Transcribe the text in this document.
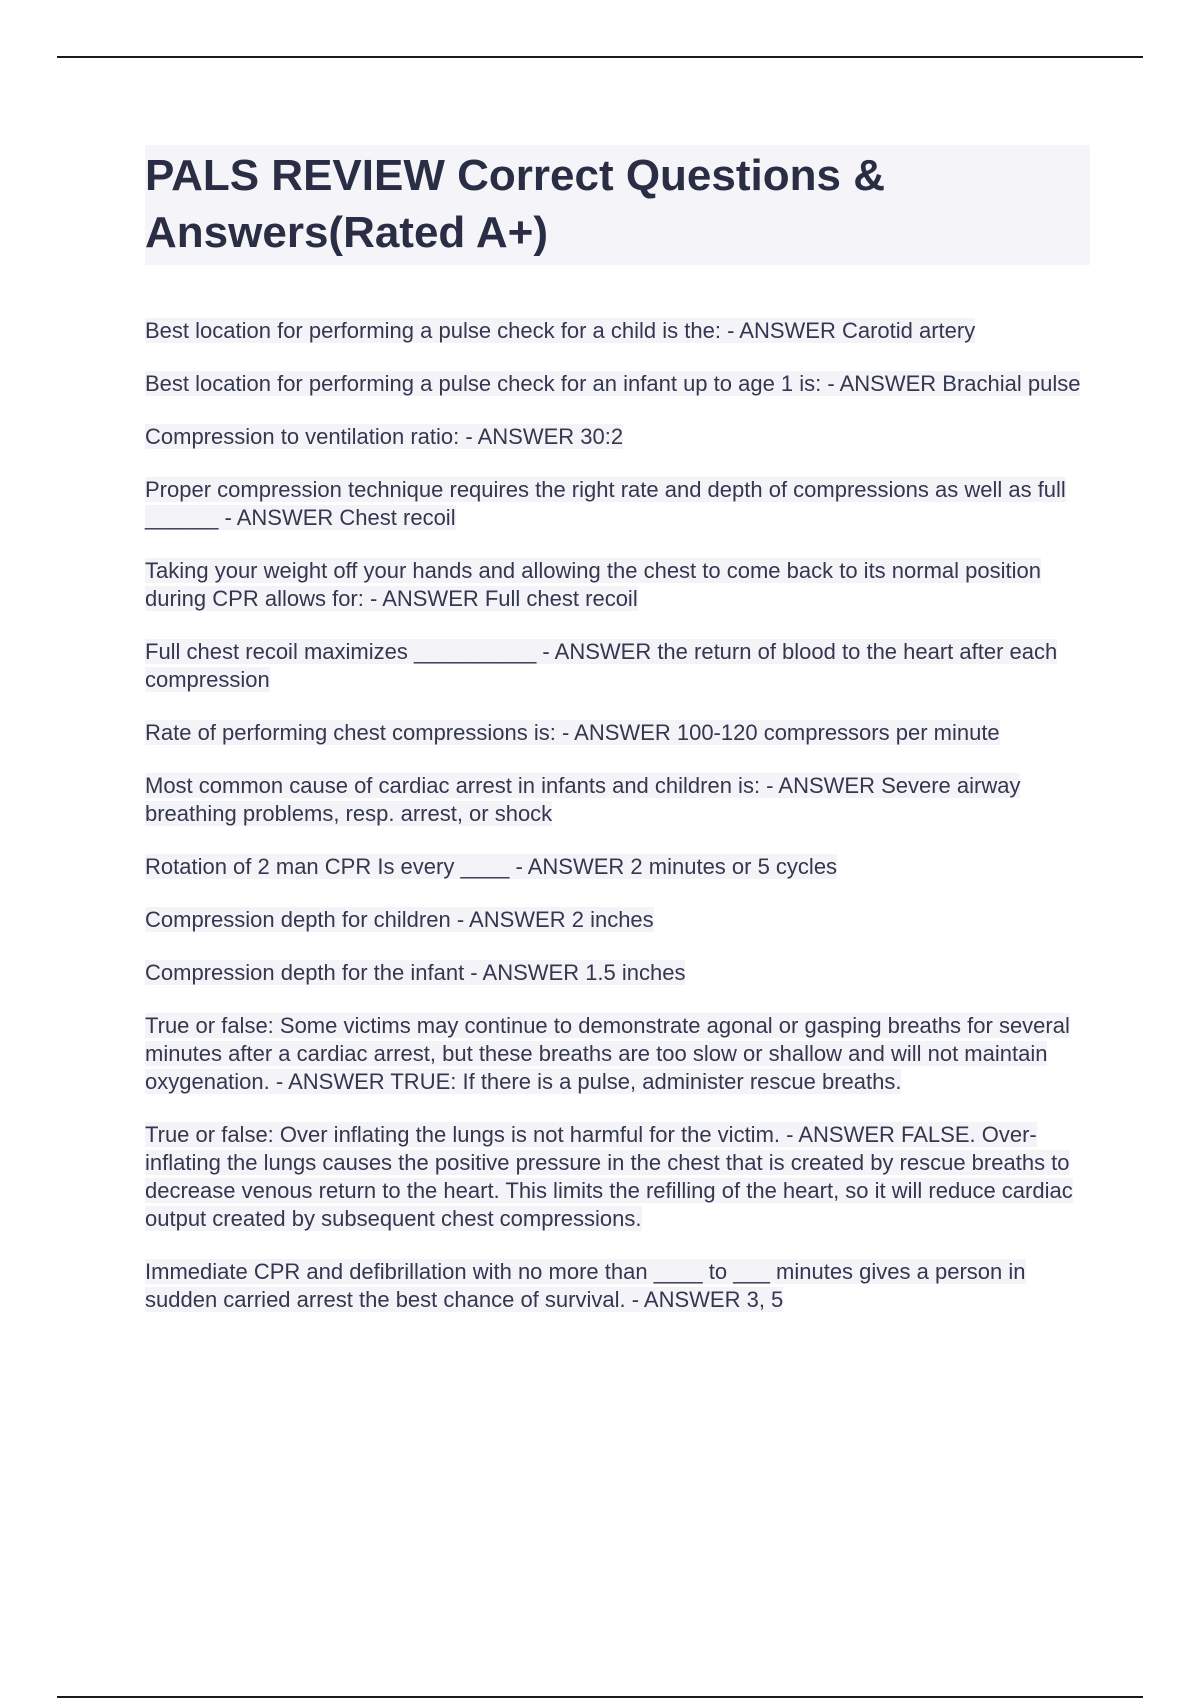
PALS REVIEW Correct Questions & Answers(Rated A+)

Best location for performing a pulse check for a child is the: - ANSWER Carotid artery

Best location for performing a pulse check for an infant up to age 1 is: - ANSWER Brachial pulse

Compression to ventilation ratio: - ANSWER 30:2

Proper compression technique requires the right rate and depth of compressions as well as full ______ - ANSWER Chest recoil

Taking your weight off your hands and allowing the chest to come back to its normal position during CPR allows for: - ANSWER Full chest recoil

Full chest recoil maximizes __________ - ANSWER the return of blood to the heart after each compression

Rate of performing chest compressions is: - ANSWER 100-120 compressors per minute

Most common cause of cardiac arrest in infants and children is: - ANSWER Severe airway breathing problems, resp. arrest, or shock

Rotation of 2 man CPR Is every ____ - ANSWER 2 minutes or 5 cycles

Compression depth for children - ANSWER 2 inches

Compression depth for the infant - ANSWER 1.5 inches

True or false: Some victims may continue to demonstrate agonal or gasping breaths for several minutes after a cardiac arrest, but these breaths are too slow or shallow and will not maintain oxygenation. - ANSWER TRUE: If there is a pulse, administer rescue breaths.

True or false: Over inflating the lungs is not harmful for the victim. - ANSWER FALSE. Over-inflating the lungs causes the positive pressure in the chest that is created by rescue breaths to decrease venous return to the heart. This limits the refilling of the heart, so it will reduce cardiac output created by subsequent chest compressions.

Immediate CPR and defibrillation with no more than ____ to ___ minutes gives a person in sudden carried arrest the best chance of survival. - ANSWER 3, 5
